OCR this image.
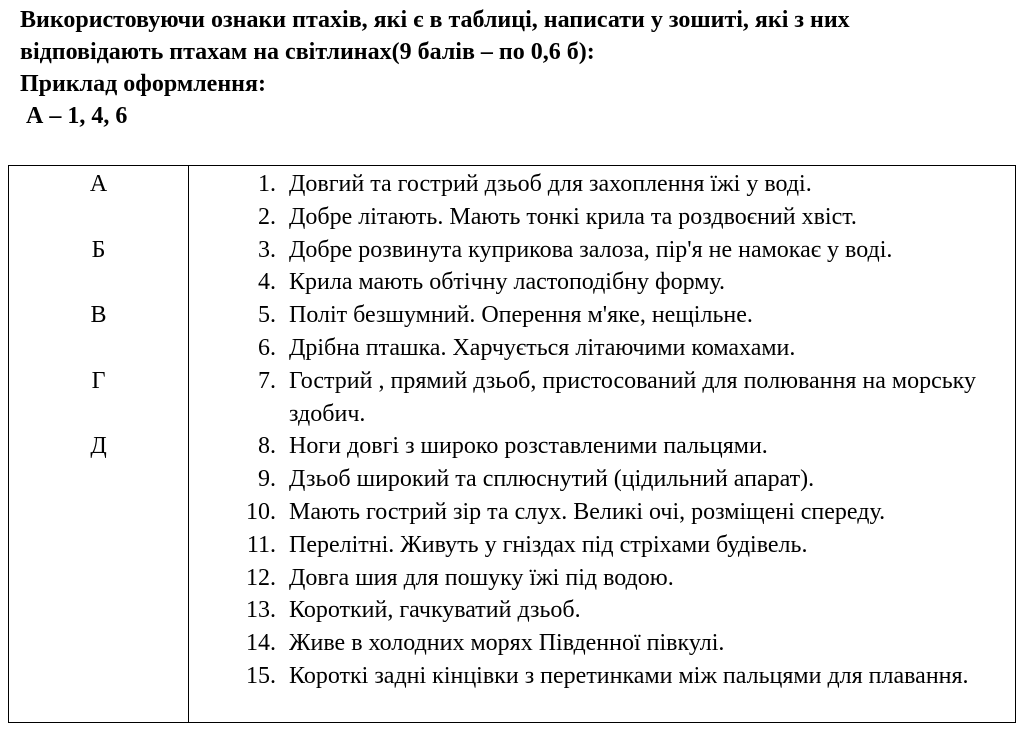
Використовуючи ознаки птахів, які є в таблиці, написати у зошиті, які з них

відповідають птахам на світлинах(9 балів – по 0,6 б):

Приклад оформлення:

А – 1, 4, 6

А
Б
В
Г
Д

1. Довгий та гострий дзьоб для захоплення їжі у воді.
2. Добре літають. Мають тонкі крила та роздвоєний хвіст.
3. Добре розвинута куприкова залоза, пір'я не намокає у воді.
4. Крила мають обтічну ластоподібну форму.
5. Політ безшумний. Оперення м'яке, нещільне.
6. Дрібна пташка. Харчується літаючими комахами.
7. Гострий , прямий дзьоб, пристосований для полювання на морську здобич.
8. Ноги довгі з широко розставленими пальцями.
9. Дзьоб широкий та сплюснутий (цідильний апарат).
10. Мають гострий зір та слух. Великі очі, розміщені спереду.
11. Перелітні. Живуть у гніздах під стріхами будівель.
12. Довга шия для пошуку їжі під водою.
13. Короткий, гачкуватий дзьоб.
14. Живе в холодних морях Південної півкулі.
15. Короткі задні кінцівки з перетинками між пальцями для плавання.
